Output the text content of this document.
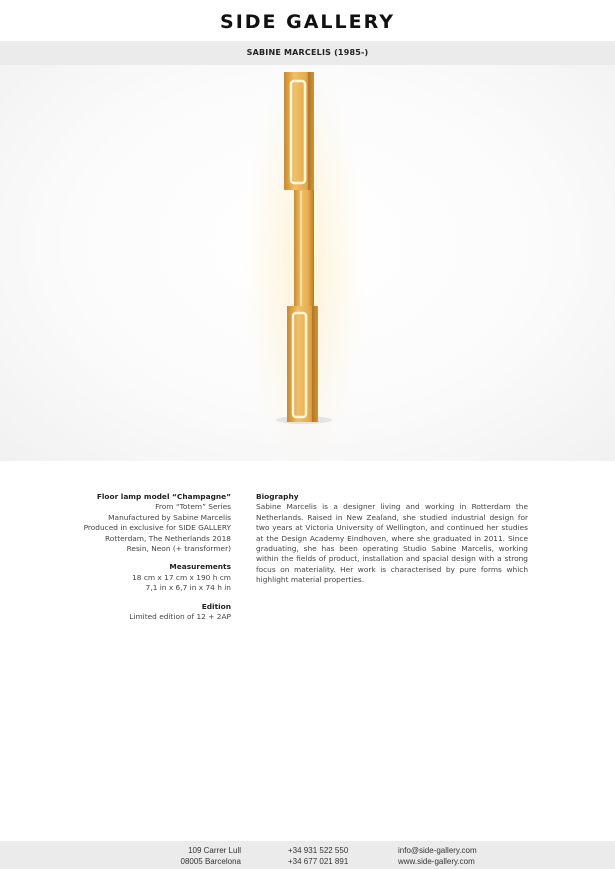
SIDE GALLERY
SABINE MARCELIS (1985-)
Floor lamp model “Champagne”
From “Totem” Series
Manufactured by Sabine Marcelis
Produced in exclusive for SIDE GALLERY
Rotterdam, The Netherlands 2018
Resin, Neon (+ transformer)
Measurements
18 cm x 17 cm x 190 h cm
7,1 in x 6,7 in x 74 h in
Edition
Limited edition of 12 + 2AP
Biography
Sabine Marcelis is a designer living and working in Rotterdam the Netherlands. Raised in New Zealand, she studied industrial design for two years at Victoria University of Wellington, and continued her studies at the Design Academy Eindhoven, where she graduated in 2011. Since graduating, she has been operating Studio Sabine Marcelis, working within the fields of product, installation and spacial design with a strong focus on materiality. Her work is characterised by pure forms which highlight material properties.
109 Carrer Lull
08005 Barcelona
+34 931 522 550
+34 677 021 891
info@side-gallery.com
www.side-gallery.com
